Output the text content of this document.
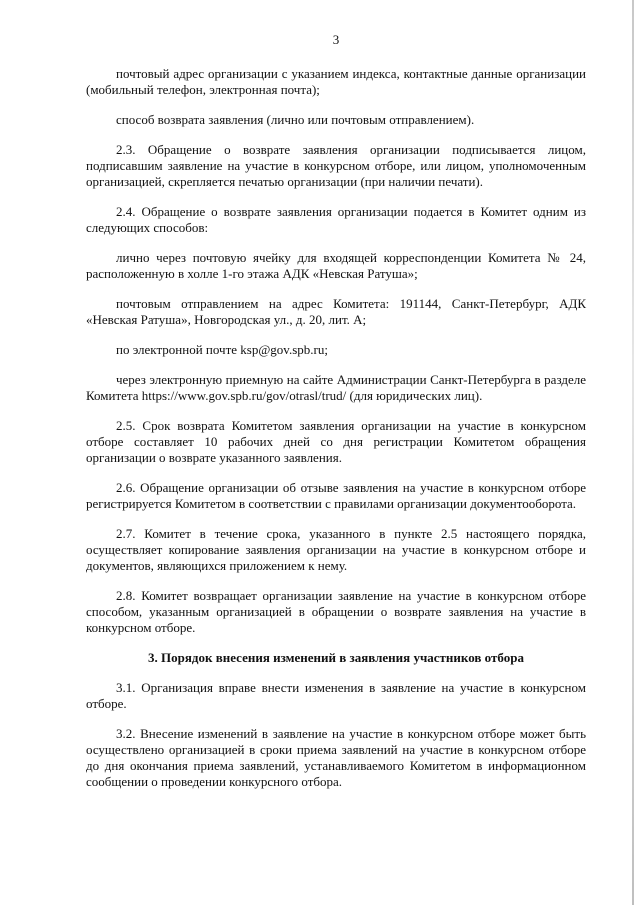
3

почтовый адрес организации с указанием индекса, контактные данные организации (мобильный телефон, электронная почта);

способ возврата заявления (лично или почтовым отправлением).

2.3. Обращение о возврате заявления организации подписывается лицом, подписавшим заявление на участие в конкурсном отборе, или лицом, уполномоченным организацией, скрепляется печатью организации (при наличии печати).

2.4. Обращение о возврате заявления организации подается в Комитет одним из следующих способов:

лично через почтовую ячейку для входящей корреспонденции Комитета № 24, расположенную в холле 1-го этажа АДК «Невская Ратуша»;

почтовым отправлением на адрес Комитета: 191144, Санкт-Петербург, АДК «Невская Ратуша», Новгородская ул., д. 20, лит. А;

по электронной почте ksp@gov.spb.ru;

через электронную приемную на сайте Администрации Санкт-Петербурга в разделе Комитета https://www.gov.spb.ru/gov/otrasl/trud/ (для юридических лиц).

2.5. Срок возврата Комитетом заявления организации на участие в конкурсном отборе составляет 10 рабочих дней со дня регистрации Комитетом обращения организации о возврате указанного заявления.

2.6. Обращение организации об отзыве заявления на участие в конкурсном отборе регистрируется Комитетом в соответствии с правилами организации документооборота.

2.7. Комитет в течение срока, указанного в пункте 2.5 настоящего порядка, осуществляет копирование заявления организации на участие в конкурсном отборе и документов, являющихся приложением к нему.

2.8. Комитет возвращает организации заявление на участие в конкурсном отборе способом, указанным организацией в обращении о возврате заявления на участие в конкурсном отборе.

3. Порядок внесения изменений в заявления участников отбора

3.1. Организация вправе внести изменения в заявление на участие в конкурсном отборе.

3.2. Внесение изменений в заявление на участие в конкурсном отборе может быть осуществлено организацией в сроки приема заявлений на участие в конкурсном отборе до дня окончания приема заявлений, устанавливаемого Комитетом в информационном сообщении о проведении конкурсного отбора.
